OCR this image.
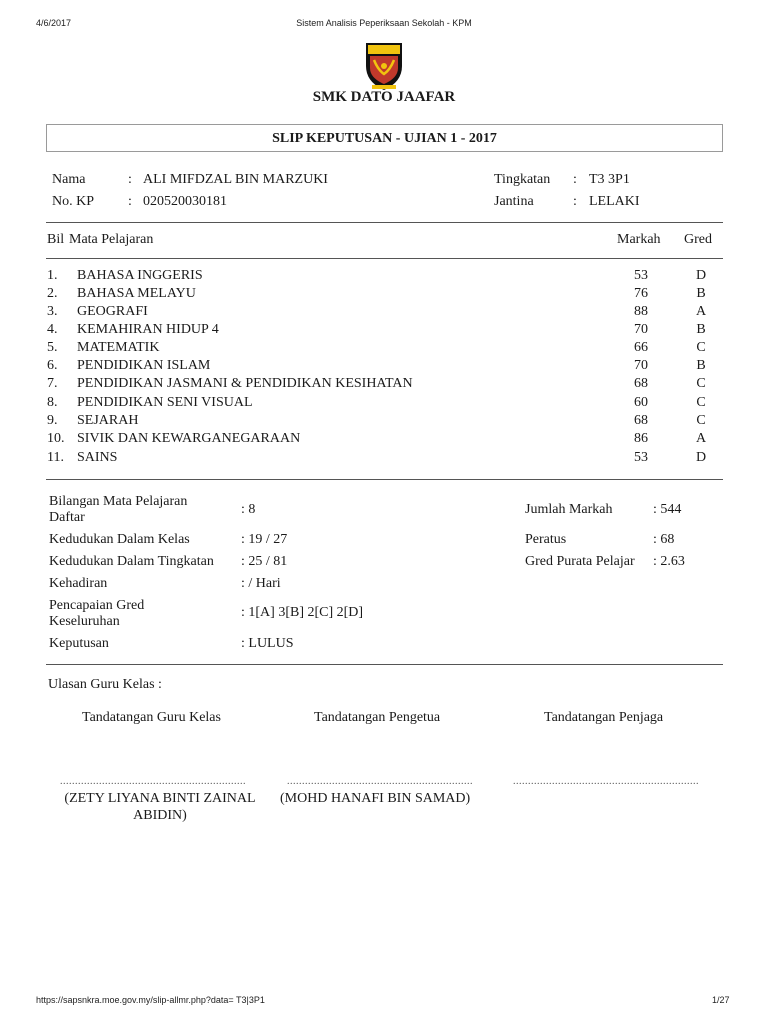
4/6/2017	Sistem Analisis Peperiksaan Sekolah - KPM
SMK DATO JAAFAR
SLIP KEPUTUSAN - UJIAN 1 - 2017
Nama	: ALI MIFDZAL BIN MARZUKI
No. KP : 020520030181
Tingkatan : T3 3P1
Jantina	: LELAKI
Bil Mata Pelajaran	Markah Gred
1. BAHASA INGGERIS	53	D
2. BAHASA MELAYU	76	B
3. GEOGRAFI	88	A
4. KEMAHIRAN HIDUP 4	70	B
5. MATEMATIK	66	C
6. PENDIDIKAN ISLAM	70	B
7. PENDIDIKAN JASMANI & PENDIDIKAN KESIHATAN	68	C
8. PENDIDIKAN SENI VISUAL	60	C
9. SEJARAH	68	C
10. SIVIK DAN KEWARGANEGARAAN	86	A
11. SAINS	53	D
Bilangan Mata Pelajaran
Daftar
: 8
Kedudukan Dalam Kelas	: 19 / 27
Kedudukan Dalam Tingkatan : 25 / 81
Kehadiran	: / Hari
Pencapaian Gred
Keseluruhan
: 1[A] 3[B] 2[C] 2[D]
Keputusan	: LULUS
Jumlah Markah	: 544
Peratus	: 68
Gred Purata Pelajar : 2.63
Ulasan Guru Kelas :
Tandatangan Guru Kelas	Tandatangan Pengetua	Tandatangan Penjaga
..............................................................	..............................................................	..............................................................
(ZETY LIYANA BINTI ZAINAL
ABIDIN)
(MOHD HANAFI BIN SAMAD)
https://sapsnkra.moe.gov.my/slip-allmr.php?data= T3|3P1	1/27
